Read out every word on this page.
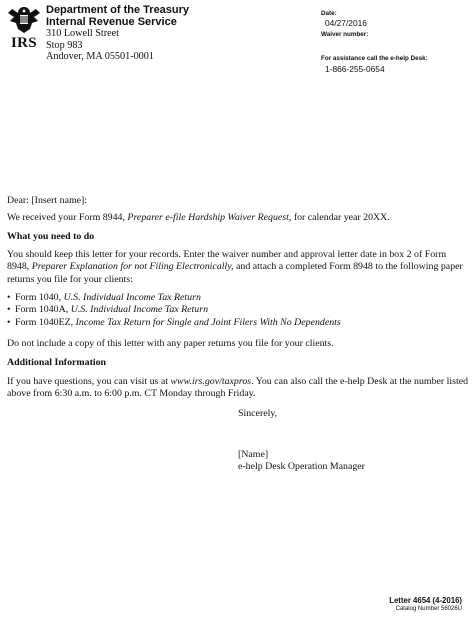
IRS
Department of the Treasury
Internal Revenue Service
310 Lowell Street
Stop 983
Andover, MA 05501-0001
Date:
04/27/2016
Waiver number:
For assistance call the e-help Desk:
1-866-255-0654
Dear: [Insert name]:
We received your Form 8944, Preparer e-file Hardship Waiver Request, for calendar year 20XX.
What you need to do
You should keep this letter for your records. Enter the waiver number and approval letter date in box 2 of Form 8948, Preparer Explanation for not Filing Electronically, and attach a completed Form 8948 to the following paper returns you file for your clients:
• Form 1040, U.S. Individual Income Tax Return
• Form 1040A, U.S. Individual Income Tax Return
• Form 1040EZ, Income Tax Return for Single and Joint Filers With No Dependents
Do not include a copy of this letter with any paper returns you file for your clients.
Additional Information
If you have questions, you can visit us at www.irs.gov/taxpros. You can also call the e-help Desk at the number listed above from 6:30 a.m. to 6:00 p.m. CT Monday through Friday.
Sincerely,
[Name]
e-help Desk Operation Manager
Letter 4654 (4-2016)
Catalog Number 56026U
